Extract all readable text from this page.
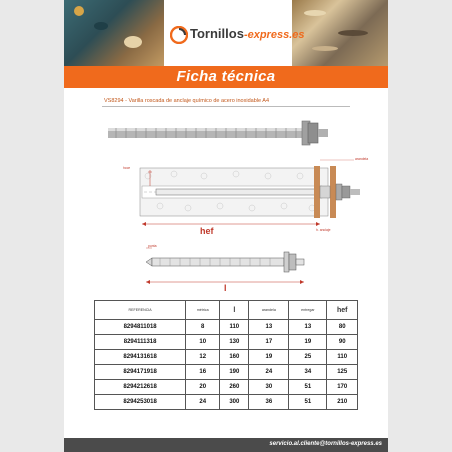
Tornillos-express.es
Ficha técnica
VS8294 - Varilla roscada de anclaje químico de acero inoxidable A4
hcce
arandela
hef	h. anclaje
punta
l
REFERENCIA	métrica	l	arandela	entregar	hef
8294811018	8	110	13	13	80
8294111318	10	130	17	19	90
8294131618	12	160	19	25	110
8294171918	16	190	24	34	125
8294212618	20	260	30	51	170
8294253018	24	300	36	51	210
servicio.al.cliente@tornillos-express.es
